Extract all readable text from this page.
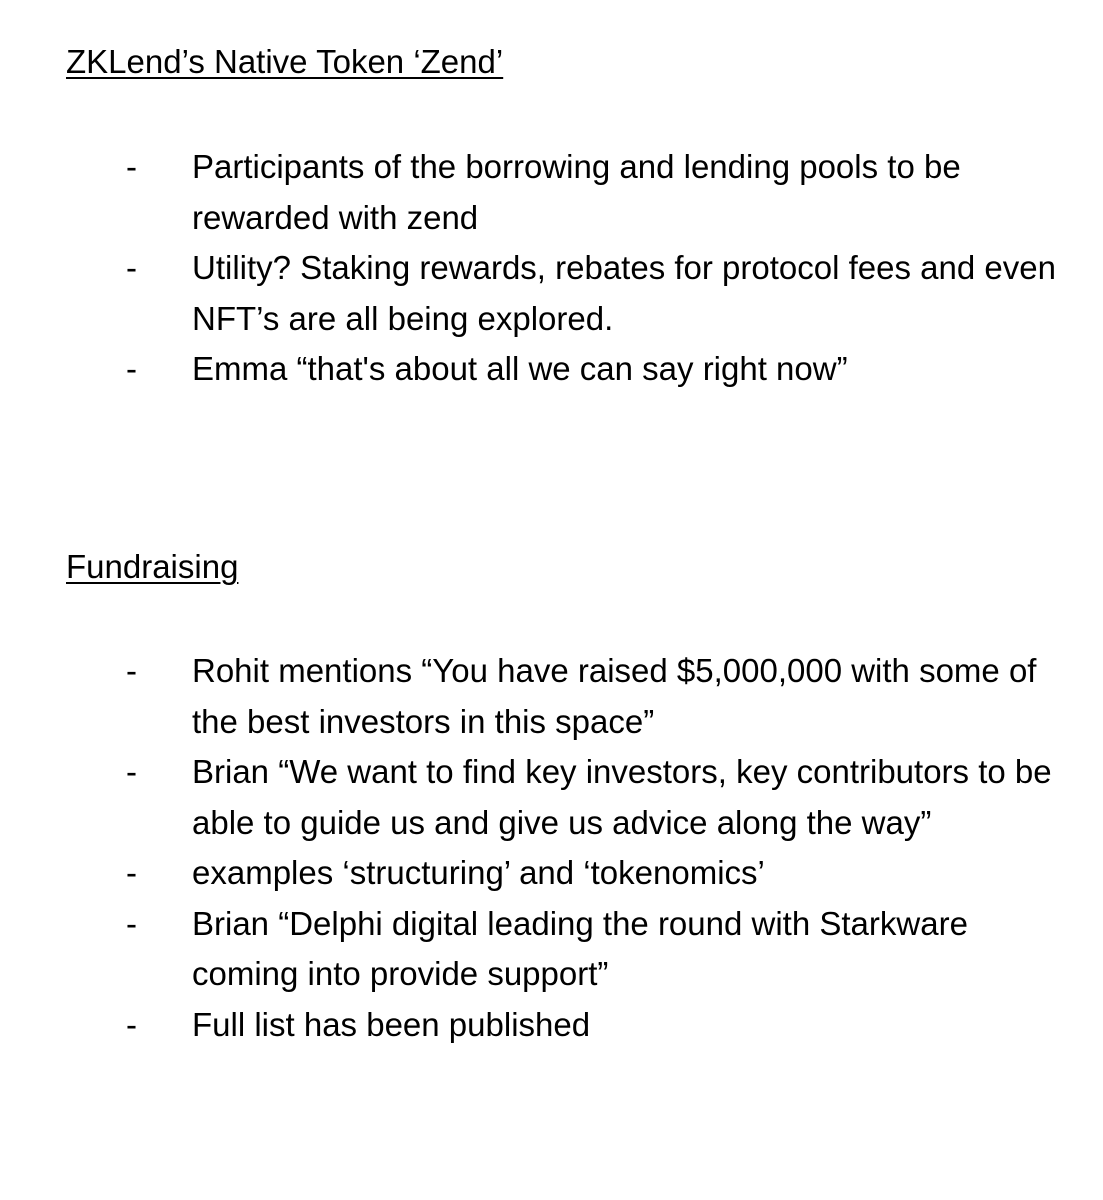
ZKLend’s Native Token ‘Zend’
- Participants of the borrowing and lending pools to be rewarded with zend
- Utility? Staking rewards, rebates for protocol fees and even NFT’s are all being explored.
- Emma “that's about all we can say right now”
Fundraising
- Rohit mentions “You have raised $5,000,000 with some of the best investors in this space”
- Brian “We want to find key investors, key contributors to be able to guide us and give us advice along the way”
- examples ‘structuring’ and ‘tokenomics’
- Brian “Delphi digital leading the round with Starkware coming into provide support”
- Full list has been published
